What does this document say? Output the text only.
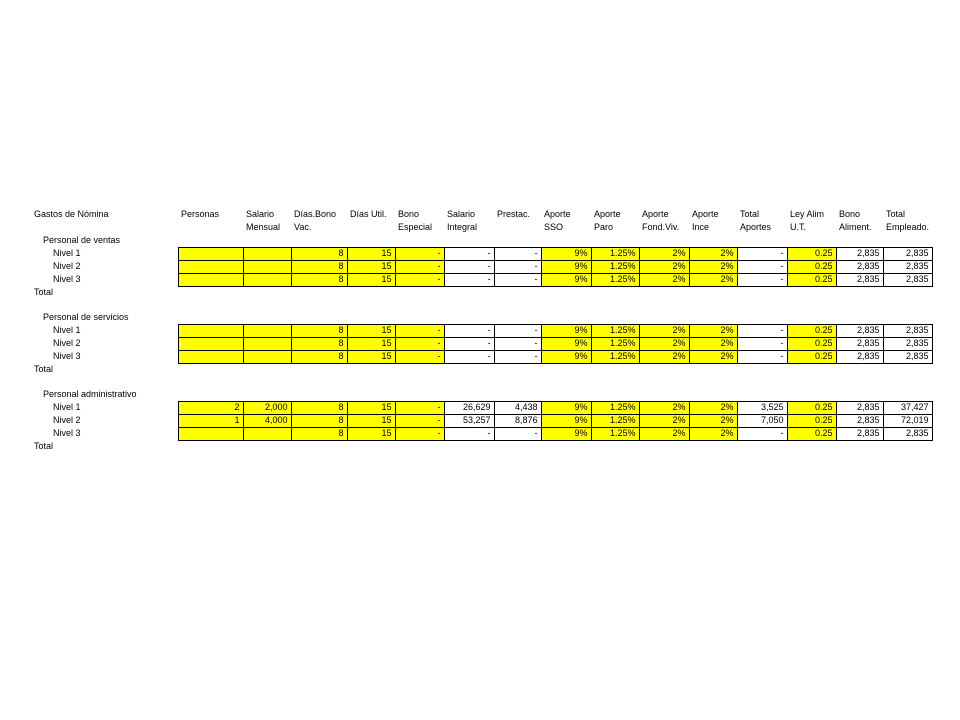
Gastos de Nómina	Personas	Salario	Días.Bono	Días Util.	Bono	Salario	Prestac.	Aporte	Aporte	Aporte	Aporte	Total	Ley Alim	Bono	Total
		Mensual	Vac.		Especial	Integral		SSO	Paro	Fond.Viv.	Ince	Aportes	U.T.	Aliment.	Empleado.
Personal de ventas															
Nivel 1			8	15	-	-	-	9%	1.25%	2%	2%	-	0.25	2,835	2,835
Nivel 2			8	15	-	-	-	9%	1.25%	2%	2%	-	0.25	2,835	2,835
Nivel 3			8	15	-	-	-	9%	1.25%	2%	2%	-	0.25	2,835	2,835
Total															

Personal de servicios															
Nivel 1			8	15	-	-	-	9%	1.25%	2%	2%	-	0.25	2,835	2,835
Nivel 2			8	15	-	-	-	9%	1.25%	2%	2%	-	0.25	2,835	2,835
Nivel 3			8	15	-	-	-	9%	1.25%	2%	2%	-	0.25	2,835	2,835
Total															

Personal administrativo															
Nivel 1	2	2,000	8	15	-	26,629	4,438	9%	1.25%	2%	2%	3,525	0.25	2,835	37,427
Nivel 2	1	4,000	8	15	-	53,257	8,876	9%	1.25%	2%	2%	7,050	0.25	2,835	72,019
Nivel 3			8	15	-	-	-	9%	1.25%	2%	2%	-	0.25	2,835	2,835
Total															
